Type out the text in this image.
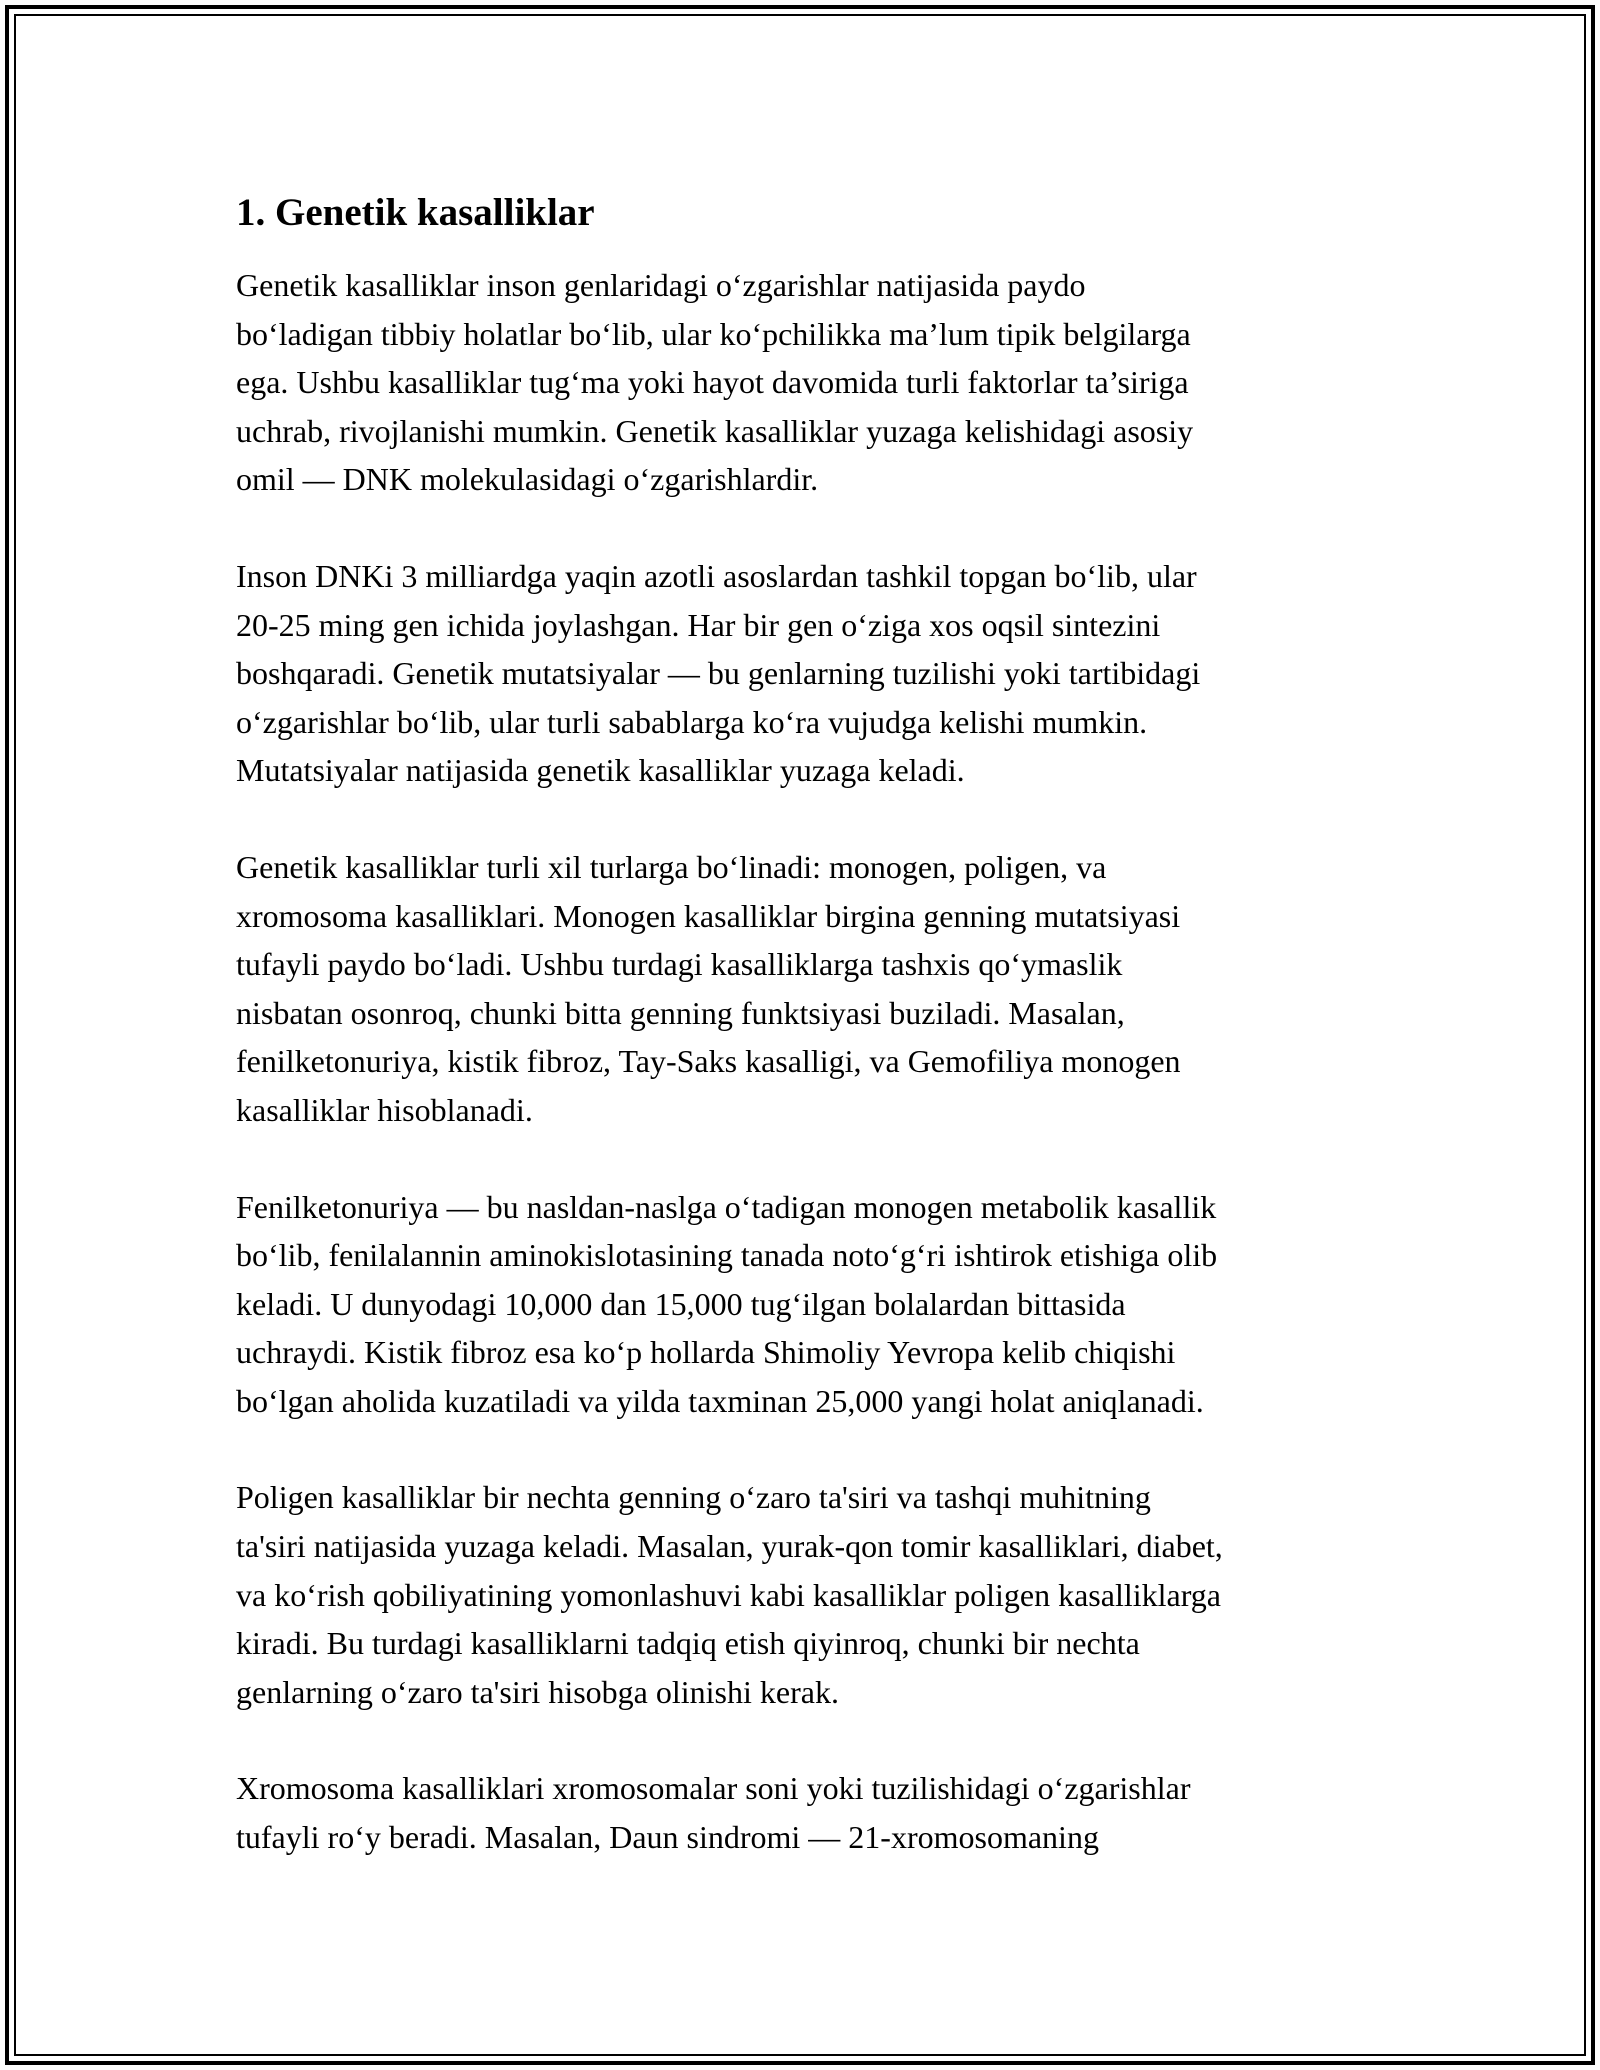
1. Genetik kasalliklar

Genetik kasalliklar inson genlaridagi o‘zgarishlar natijasida paydo
bo‘ladigan tibbiy holatlar bo‘lib, ular ko‘pchilikka ma’lum tipik belgilarga
ega. Ushbu kasalliklar tug‘ma yoki hayot davomida turli faktorlar ta’siriga
uchrab, rivojlanishi mumkin. Genetik kasalliklar yuzaga kelishidagi asosiy
omil — DNK molekulasidagi o‘zgarishlardir.

Inson DNKi 3 milliardga yaqin azotli asoslardan tashkil topgan bo‘lib, ular
20-25 ming gen ichida joylashgan. Har bir gen o‘ziga xos oqsil sintezini
boshqaradi. Genetik mutatsiyalar — bu genlarning tuzilishi yoki tartibidagi
o‘zgarishlar bo‘lib, ular turli sabablarga ko‘ra vujudga kelishi mumkin.
Mutatsiyalar natijasida genetik kasalliklar yuzaga keladi.

Genetik kasalliklar turli xil turlarga bo‘linadi: monogen, poligen, va
xromosoma kasalliklari. Monogen kasalliklar birgina genning mutatsiyasi
tufayli paydo bo‘ladi. Ushbu turdagi kasalliklarga tashxis qo‘ymaslik
nisbatan osonroq, chunki bitta genning funktsiyasi buziladi. Masalan,
fenilketonuriya, kistik fibroz, Tay-Saks kasalligi, va Gemofiliya monogen
kasalliklar hisoblanadi.

Fenilketonuriya — bu nasldan-naslga o‘tadigan monogen metabolik kasallik
bo‘lib, fenilalannin aminokislotasining tanada noto‘g‘ri ishtirok etishiga olib
keladi. U dunyodagi 10,000 dan 15,000 tug‘ilgan bolalardan bittasida
uchraydi. Kistik fibroz esa ko‘p hollarda Shimoliy Yevropa kelib chiqishi
bo‘lgan aholida kuzatiladi va yilda taxminan 25,000 yangi holat aniqlanadi.

Poligen kasalliklar bir nechta genning o‘zaro ta'siri va tashqi muhitning
ta'siri natijasida yuzaga keladi. Masalan, yurak-qon tomir kasalliklari, diabet,
va ko‘rish qobiliyatining yomonlashuvi kabi kasalliklar poligen kasalliklarga
kiradi. Bu turdagi kasalliklarni tadqiq etish qiyinroq, chunki bir nechta
genlarning o‘zaro ta'siri hisobga olinishi kerak.

Xromosoma kasalliklari xromosomalar soni yoki tuzilishidagi o‘zgarishlar
tufayli ro‘y beradi. Masalan, Daun sindromi — 21-xromosomaning
